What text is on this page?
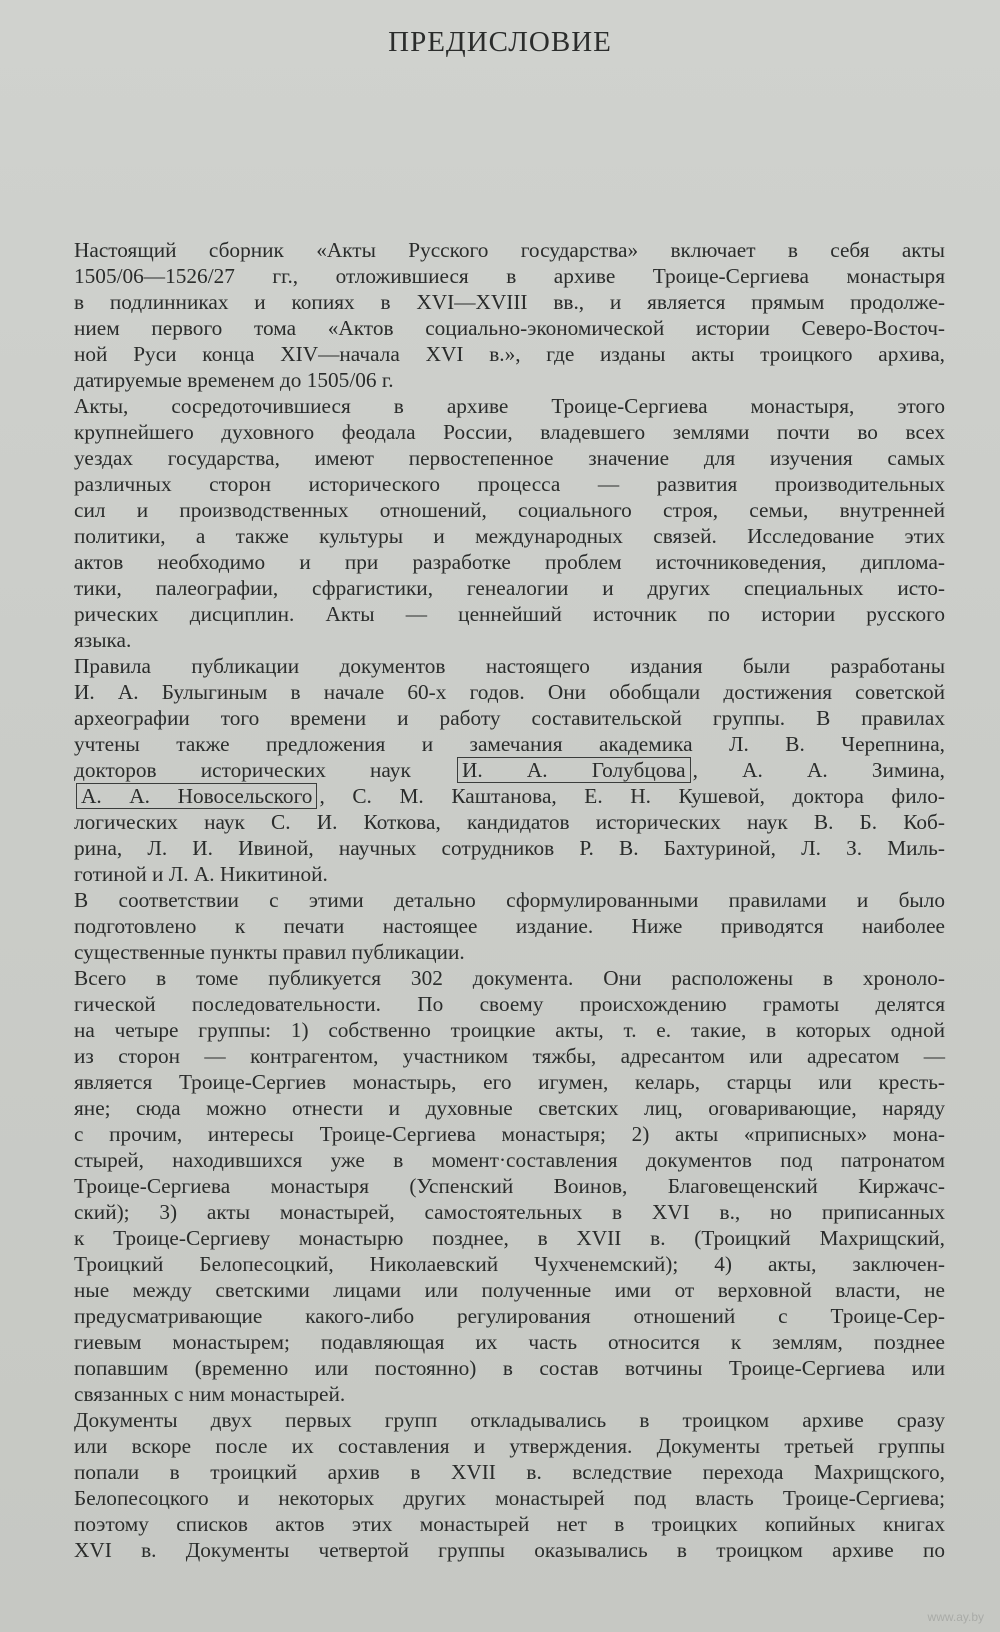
ПРЕДИСЛОВИЕ

Настоящий сборник «Акты Русского государства» включает в себя акты
1505/06—1526/27 гг., отложившиеся в архиве Троице-Сергиева монастыря
в подлинниках и копиях в XVI—XVIII вв., и является прямым продолже-
нием первого тома «Актов социально-экономической истории Северо-Восточ-
ной Руси конца XIV—начала XVI в.», где изданы акты троицкого архива,
датируемые временем до 1505/06 г.

Акты, сосредоточившиеся в архиве Троице-Сергиева монастыря, этого
крупнейшего духовного феодала России, владевшего землями почти во всех
уездах государства, имеют первостепенное значение для изучения самых
различных сторон исторического процесса — развития производительных
сил и производственных отношений, социального строя, семьи, внутренней
политики, а также культуры и международных связей. Исследование этих
актов необходимо и при разработке проблем источниковедения, диплома-
тики, палеографии, сфрагистики, генеалогии и других специальных исто-
рических дисциплин. Акты — ценнейший источник по истории русского
языка.

Правила публикации документов настоящего издания были разработаны
И. А. Булыгиным в начале 60-х годов. Они обобщали достижения советской
археографии того времени и работу составительской группы. В правилах
учтены также предложения и замечания академика Л. В. Черепнина,
докторов исторических наук И. А. Голубцова , А. А. Зимина,
А. А. Новосельского , С. М. Каштанова, Е. Н. Кушевой, доктора фило-
логических наук С. И. Коткова, кандидатов исторических наук В. Б. Коб-
рина, Л. И. Ивиной, научных сотрудников Р. В. Бахтуриной, Л. З. Миль-
готиной и Л. А. Никитиной.

В соответствии с этими детально сформулированными правилами и было
подготовлено к печати настоящее издание. Ниже приводятся наиболее
существенные пункты правил публикации.

Всего в томе публикуется 302 документа. Они расположены в хроноло-
гической последовательности. По своему происхождению грамоты делятся
на четыре группы: 1) собственно троицкие акты, т. е. такие, в которых одной
из сторон — контрагентом, участником тяжбы, адресантом или адресатом —
является Троице-Сергиев монастырь, его игумен, келарь, старцы или кресть-
яне; сюда можно отнести и духовные светских лиц, оговаривающие, наряду
с прочим, интересы Троице-Сергиева монастыря; 2) акты «приписных» мона-
стырей, находившихся уже в момент·составления документов под патронатом
Троице-Сергиева монастыря (Успенский Воинов, Благовещенский Киржачс-
ский); 3) акты монастырей, самостоятельных в XVI в., но приписанных
к Троице-Сергиеву монастырю позднее, в XVII в. (Троицкий Махрищский,
Троицкий Белопесоцкий, Николаевский Чухченемский); 4) акты, заключен-
ные между светскими лицами или полученные ими от верховной власти, не
предусматривающие какого-либо регулирования отношений с Троице-Сер-
гиевым монастырем; подавляющая их часть относится к землям, позднее
попавшим (временно или постоянно) в состав вотчины Троице-Сергиева или
связанных с ним монастырей.

Документы двух первых групп откладывались в троицком архиве сразу
или вскоре после их составления и утверждения. Документы третьей группы
попали в троицкий архив в XVII в. вследствие перехода Махрищского,
Белопесоцкого и некоторых других монастырей под власть Троице-Сергиева;
поэтому списков актов этих монастырей нет в троицких копийных книгах
XVI в. Документы четвертой группы оказывались в троицком архиве по

www.ay.by
